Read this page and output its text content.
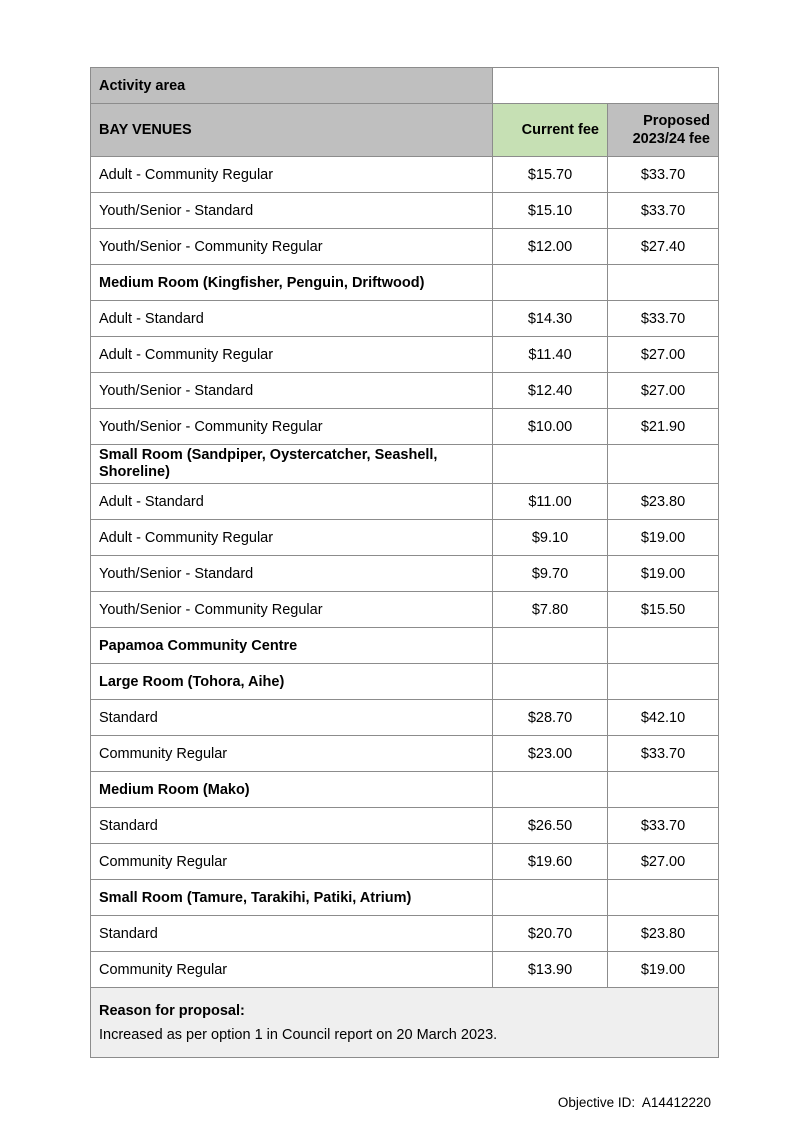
Activity area		
BAY VENUES	Current fee	Proposed
2023/24 fee
Adult - Community Regular	$15.70	$33.70
Youth/Senior - Standard	$15.10	$33.70
Youth/Senior - Community Regular	$12.00	$27.40
Medium Room (Kingfisher, Penguin, Driftwood)		
Adult - Standard	$14.30	$33.70
Adult - Community Regular	$11.40	$27.00
Youth/Senior - Standard	$12.40	$27.00
Youth/Senior - Community Regular	$10.00	$21.90
Small Room (Sandpiper, Oystercatcher, Seashell, Shoreline)		
Adult - Standard	$11.00	$23.80
Adult - Community Regular	$9.10	$19.00
Youth/Senior - Standard	$9.70	$19.00
Youth/Senior - Community Regular	$7.80	$15.50
Papamoa Community Centre		
Large Room (Tohora, Aihe)		
Standard	$28.70	$42.10
Community Regular	$23.00	$33.70
Medium Room (Mako)		
Standard	$26.50	$33.70
Community Regular	$19.60	$27.00
Small Room (Tamure, Tarakihi, Patiki, Atrium)		
Standard	$20.70	$23.80
Community Regular	$13.90	$19.00

Reason for proposal:
Increased as per option 1 in Council report on 20 March 2023.		
Objective ID:  A14412220
